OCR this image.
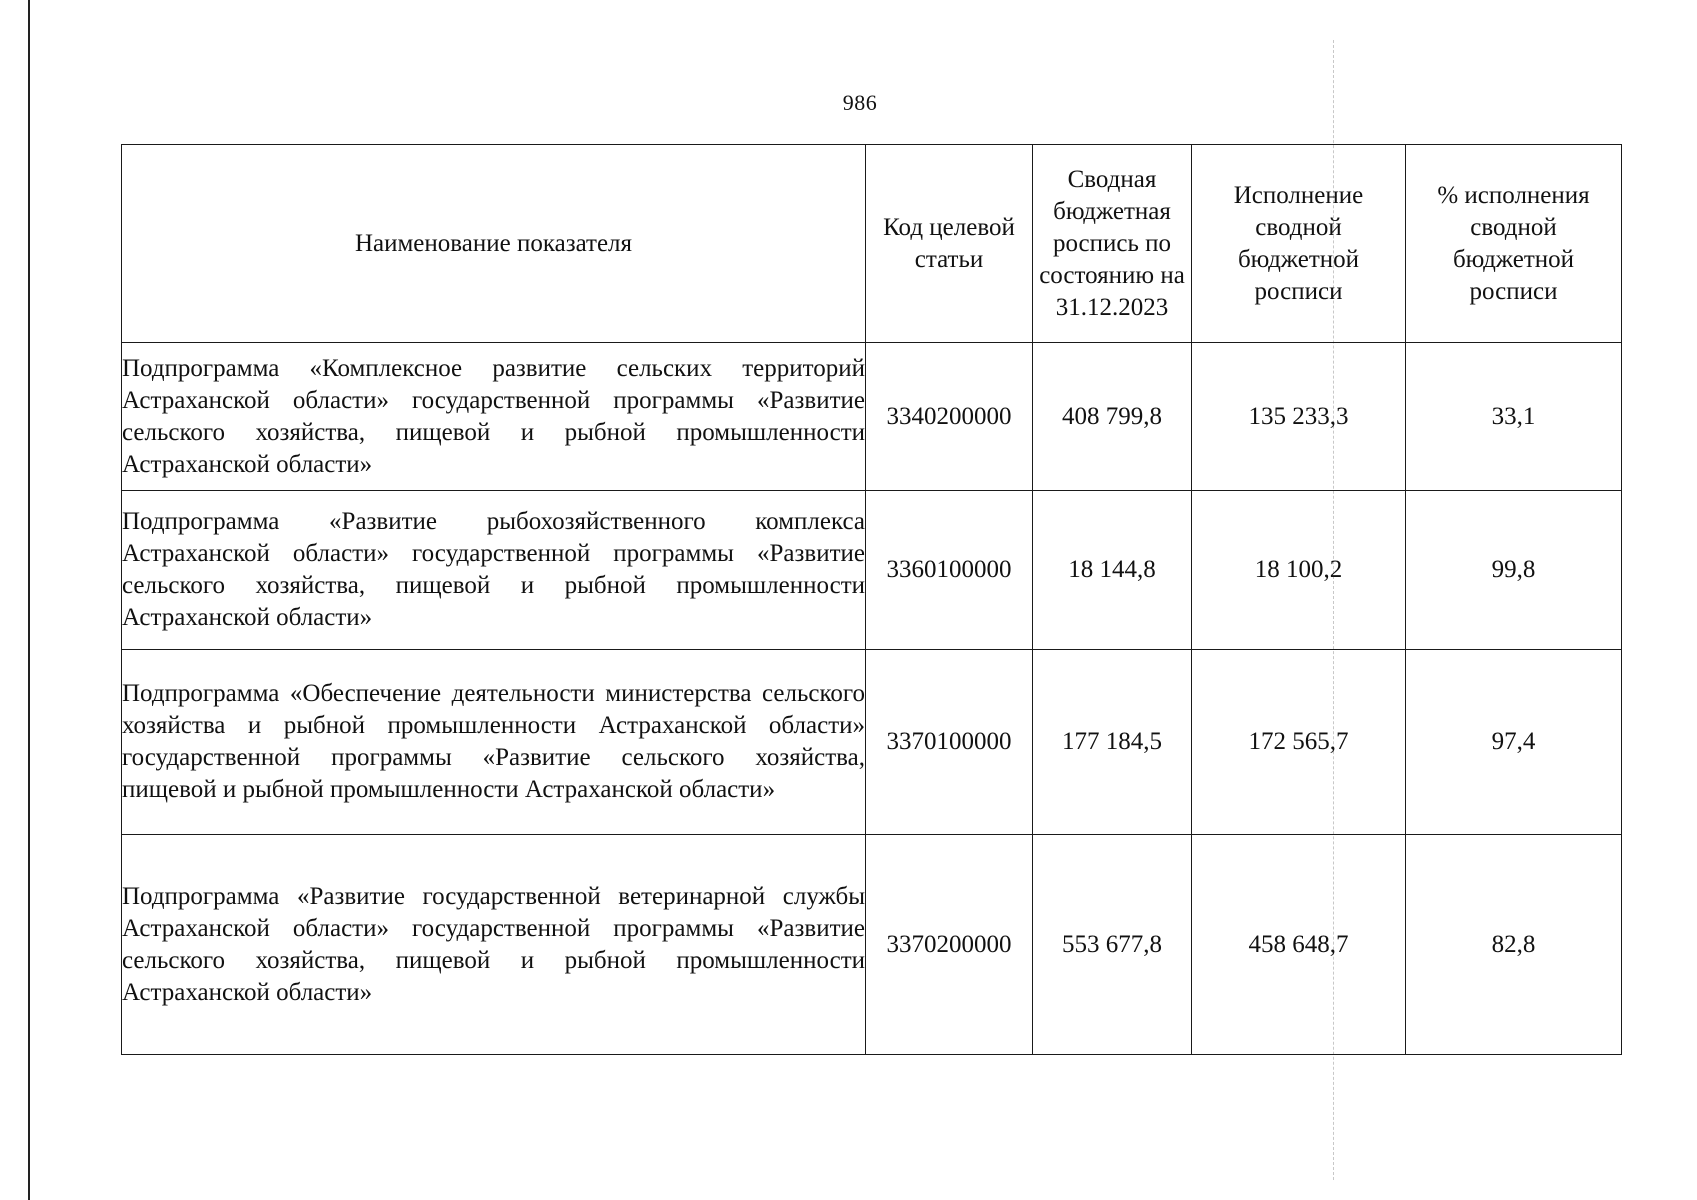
986
Наименование показателя	Код целевой статьи	Сводная бюджетная роспись по состоянию на 31.12.2023	Исполнение сводной бюджетной росписи	% исполнения сводной бюджетной росписи
Подпрограмма «Комплексное развитие сельских территорий Астраханской области» государственной программы «Развитие сельского хозяйства, пищевой и рыбной промышленности Астраханской области»	3340200000	408 799,8	135 233,3	33,1
Подпрограмма «Развитие рыбохозяйственного комплекса Астраханской области» государственной программы «Развитие сельского хозяйства, пищевой и рыбной промышленности Астраханской области»	3360100000	18 144,8	18 100,2	99,8
Подпрограмма «Обеспечение деятельности министерства сельского хозяйства и рыбной промышленности Астраханской области» государственной программы «Развитие сельского хозяйства, пищевой и рыбной промышленности Астраханской области»	3370100000	177 184,5	172 565,7	97,4
Подпрограмма «Развитие государственной ветеринарной службы Астраханской области» государственной программы «Развитие сельского хозяйства, пищевой и рыбной промышленности Астраханской области»	3370200000	553 677,8	458 648,7	82,8
